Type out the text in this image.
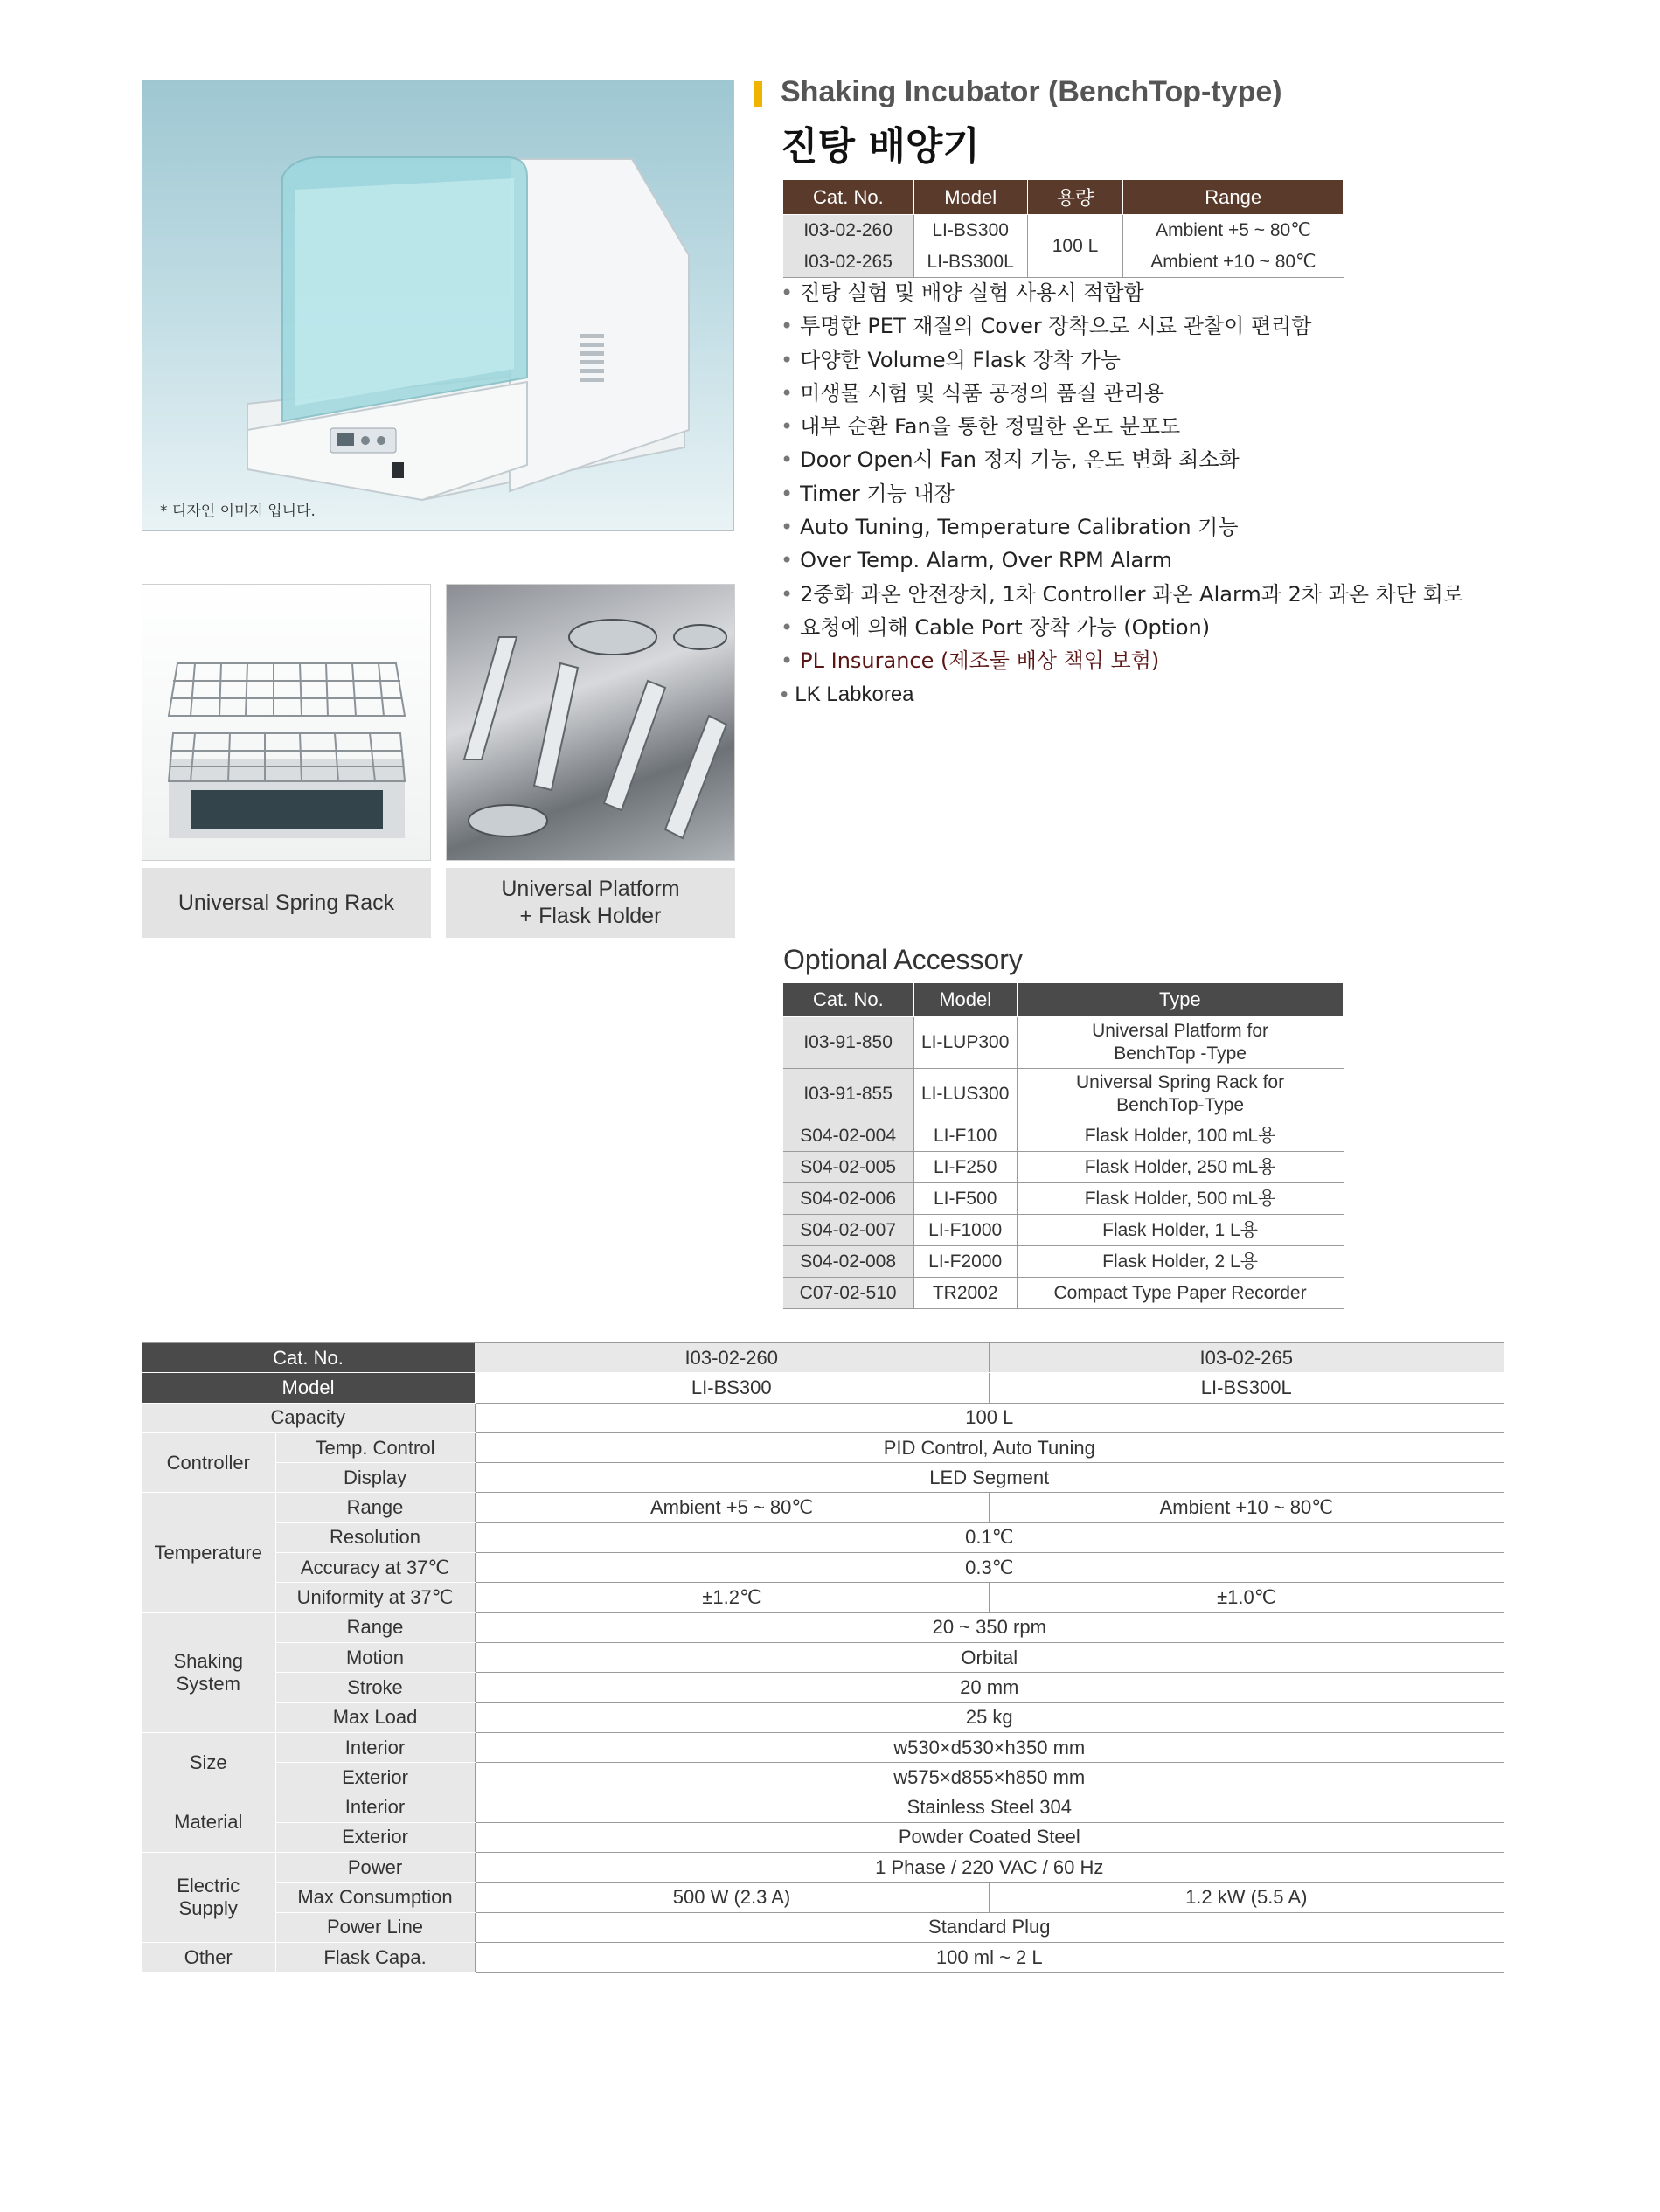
* 디자인 이미지 입니다.
Universal Spring Rack
Universal Platform
+ Flask Holder
Shaking Incubator (BenchTop-type)
진탕 배양기
Cat. No.	Model	용량	Range
I03-02-260	LI-BS300	100 L	Ambient +5 ~ 80℃
I03-02-265	LI-BS300L		Ambient +10 ~ 80℃
• 진탕 실험 및 배양 실험 사용시 적합함
• 투명한 PET 재질의 Cover 장착으로 시료 관찰이 편리함
• 다양한 Volume의 Flask 장착 가능
• 미생물 시험 및 식품 공정의 품질 관리용
• 내부 순환 Fan을 통한 정밀한 온도 분포도
• Door Open시 Fan 정지 기능, 온도 변화 최소화
• Timer 기능 내장
• Auto Tuning, Temperature Calibration 기능
• Over Temp. Alarm, Over RPM Alarm
• 2중화 과온 안전장치, 1차 Controller 과온 Alarm과 2차 과온 차단 회로
• 요청에 의해 Cable Port 장착 가능 (Option)
• PL Insurance (제조물 배상 책임 보험)
• LK Labkorea
Optional Accessory
Cat. No.	Model	Type
I03-91-850	LI-LUP300	Universal Platform for
BenchTop -Type
I03-91-855	LI-LUS300	Universal Spring Rack for
BenchTop-Type
S04-02-004	LI-F100	Flask Holder, 100 mL용
S04-02-005	LI-F250	Flask Holder, 250 mL용
S04-02-006	LI-F500	Flask Holder, 500 mL용
S04-02-007	LI-F1000	Flask Holder, 1 L용
S04-02-008	LI-F2000	Flask Holder, 2 L용
C07-02-510	TR2002	Compact Type Paper Recorder
Cat. No.		I03-02-260	I03-02-265
Model		LI-BS300	LI-BS300L
Capacity		100 L	
Controller	Temp. Control	PID Control, Auto Tuning	
	Display	LED Segment	
Temperature	Range	Ambient +5 ~ 80℃	Ambient +10 ~ 80℃
	Resolution	0.1℃	
	Accuracy at 37℃	0.3℃	
	Uniformity at 37℃	±1.2℃	±1.0℃
Shaking
System	Range	20 ~ 350 rpm	
	Motion	Orbital	
	Stroke	20 mm	
	Max Load	25 kg	
Size	Interior	w530×d530×h350 mm	
	Exterior	w575×d855×h850 mm	
Material	Interior	Stainless Steel 304	
	Exterior	Powder Coated Steel	
Electric
Supply	Power	1 Phase / 220 VAC / 60 Hz	
	Max Consumption	500 W (2.3 A)	1.2 kW (5.5 A)
	Power Line	Standard Plug	
Other	Flask Capa.	100 ml ~ 2 L	
